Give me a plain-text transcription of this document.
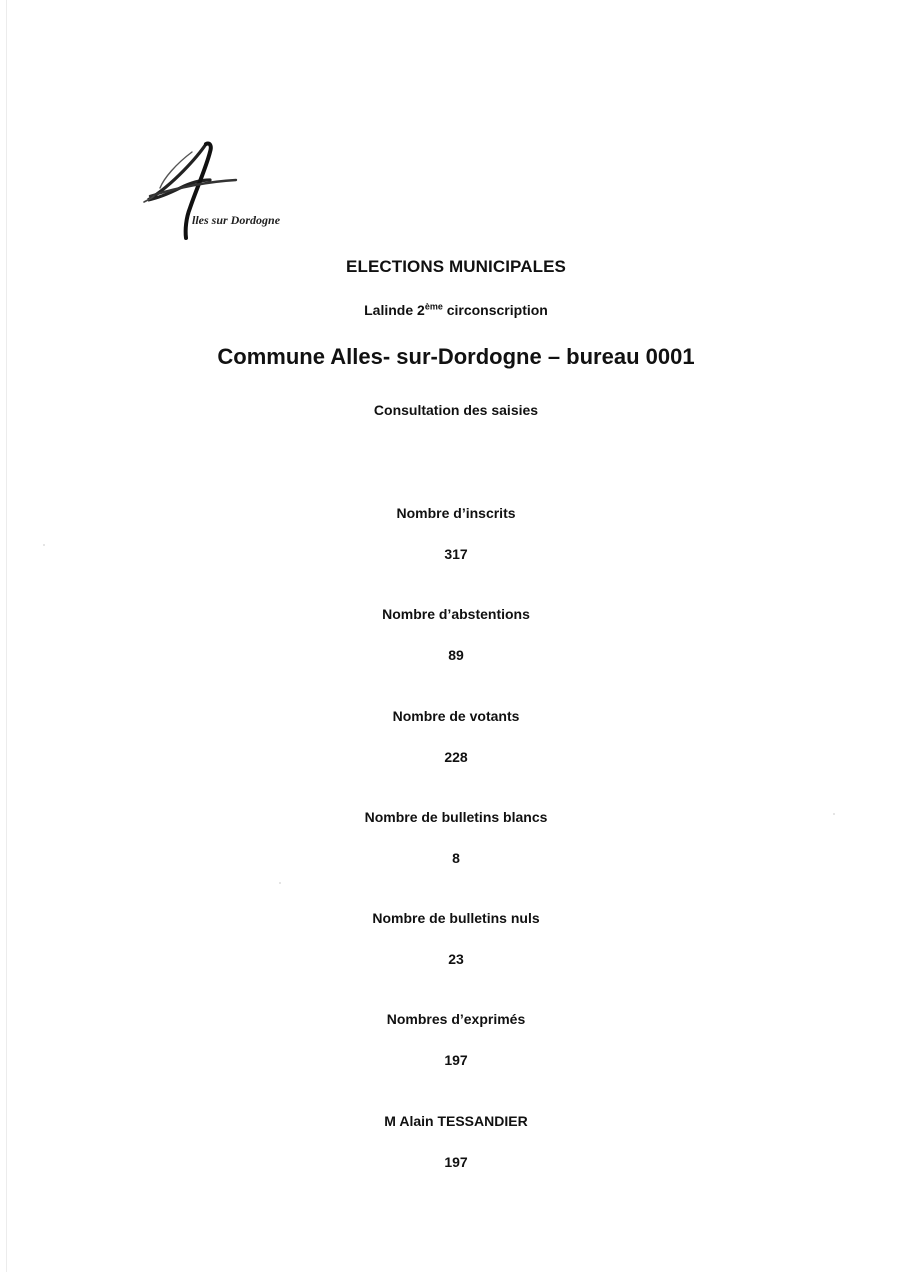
lles sur Dordogne
ELECTIONS MUNICIPALES
Lalinde 2ème circonscription
Commune Alles- sur-Dordogne – bureau 0001
Consultation des saisies
Nombre d’inscrits
317
Nombre d’abstentions
89
Nombre de votants
228
Nombre de bulletins blancs
8
Nombre de bulletins nuls
23
Nombres d’exprimés
197
M Alain TESSANDIER
197
